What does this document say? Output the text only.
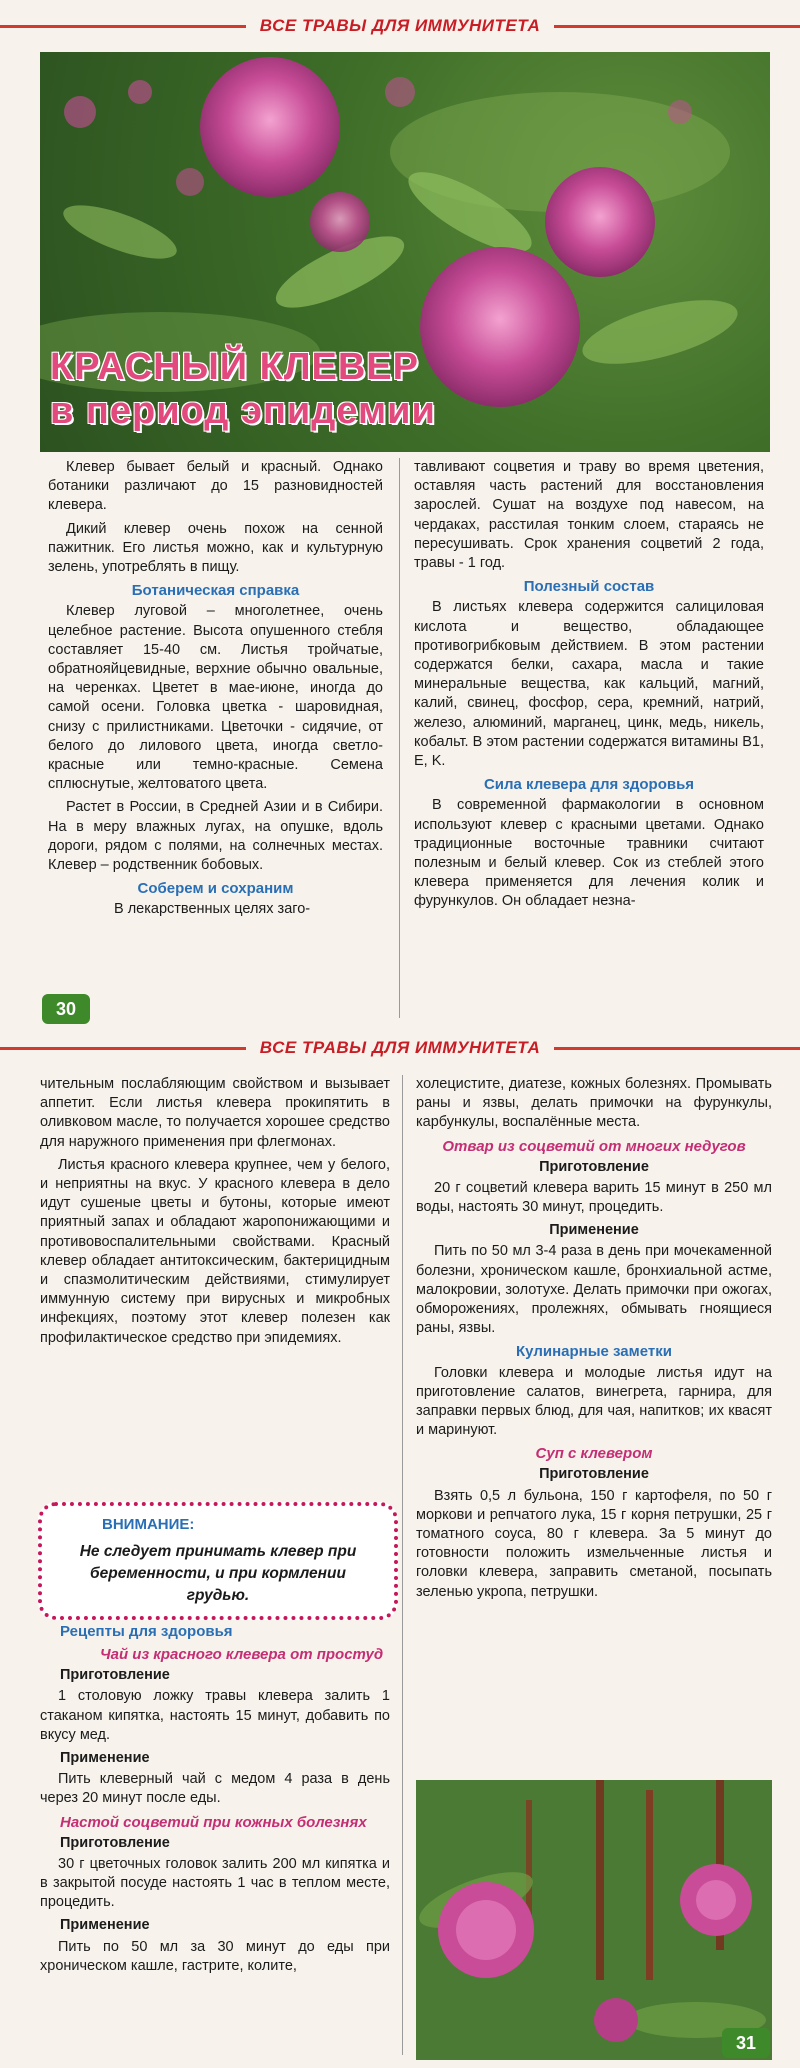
ВСЕ ТРАВЫ ДЛЯ ИММУНИТЕТА
КРАСНЫЙ КЛЕВЕР
в период эпидемии

Клевер бывает белый и красный. Однако ботаники различают до 15 разновидностей клевера.

Дикий клевер очень похож на сенной пажитник. Его листья можно, как и культурную зелень, употреблять в пищу.

Ботаническая справка

Клевер луговой – многолетнее, очень целебное растение. Высота опушенного стебля составляет 15-40 см. Листья тройчатые, обратнояйцевидные, верхние обычно овальные, на черенках. Цветет в мае-июне, иногда до самой осени. Головка цветка - шаровидная, снизу с прилистниками. Цветочки - сидячие, от белого до лилового цвета, иногда светло-красные или темно-красные. Семена сплюснутые, желтоватого цвета.

Растет в России, в Средней Азии и в Сибири. На в меру влажных лугах, на опушке, вдоль дороги, рядом с полями, на солнечных местах. Клевер – родственник бобовых.

Соберем и сохраним

В лекарственных целях заго-

30

тавливают соцветия и траву во время цветения, оставляя часть растений для восстановления зарослей. Сушат на воздухе под навесом, на чердаках, расстилая тонким слоем, стараясь не пересушивать. Срок хранения соцветий 2 года, травы - 1 год.

Полезный состав

В листьях клевера содержится салициловая кислота и вещество, обладающее противогрибковым действием. В этом растении содержатся белки, сахара, масла и такие минеральные вещества, как кальций, магний, калий, свинец, фосфор, сера, кремний, натрий, железо, алюминий, марганец, цинк, медь, никель, кобальт. В этом растении содержатся витамины B1, E, K.

Сила клевера для здоровья

В современной фармакологии в основном используют клевер с красными цветами. Однако традиционные восточные травники считают полезным и белый клевер. Сок из стеблей этого клевера применяется для лечения колик и фурункулов. Он обладает незна-

ВСЕ ТРАВЫ ДЛЯ ИММУНИТЕТА

чительным послабляющим свойством и вызывает аппетит. Если листья клевера прокипятить в оливковом масле, то получается хорошее средство для наружного применения при флегмонах.

Листья красного клевера крупнее, чем у белого, и неприятны на вкус. У красного клевера в дело идут сушеные цветы и бутоны, которые имеют приятный запах и обладают жаропонижающими и противовоспалительными свойствами. Красный клевер обладает антитоксическим, бактерицидным и спазмолитическим действиями, стимулирует иммунную систему при вирусных и микробных инфекциях, поэтому этот клевер полезен как профилактическое средство при эпидемиях.

ВНИМАНИЕ:
Не следует принимать клевер при беременности, и при кормлении грудью.
Рецепты для здоровья
Чай из красного клевера от простуд
Приготовление

1 столовую ложку травы клевера залить 1 стаканом кипятка, настоять 15 минут, добавить по вкусу мед.

Применение

Пить клеверный чай с медом 4 раза в день через 20 минут после еды.

Настой соцветий при кожных болезнях
Приготовление

30 г цветочных головок залить 200 мл кипятка и в закрытой посуде настоять 1 час в теплом месте, процедить.

Применение

Пить по 50 мл за 30 минут до еды при хроническом кашле, гастрите, колите,

холецистите, диатезе, кожных болезнях. Промывать раны и язвы, делать примочки на фурункулы, карбункулы, воспалённые места.

Отвар из соцветий от многих недугов
Приготовление

20 г соцветий клевера варить 15 минут в 250 мл воды, настоять 30 минут, процедить.

Применение

Пить по 50 мл 3-4 раза в день при мочекаменной болезни, хроническом кашле, бронхиальной астме, малокровии, золотухе. Делать примочки при ожогах, обморожениях, пролежнях, обмывать гноящиеся раны, язвы.

Кулинарные заметки

Головки клевера и молодые листья идут на приготовление салатов, винегрета, гарнира, для заправки первых блюд, для чая, напитков; их квасят и маринуют.

Суп с клевером
Приготовление

Взять 0,5 л бульона, 150 г картофеля, по 50 г моркови и репчатого лука, 15 г корня петрушки, 25 г томатного соуса, 80 г клевера. За 5 минут до готовности положить измельченные листья и головки клевера, заправить сметаной, посыпать зеленью укропа, петрушки.

31
